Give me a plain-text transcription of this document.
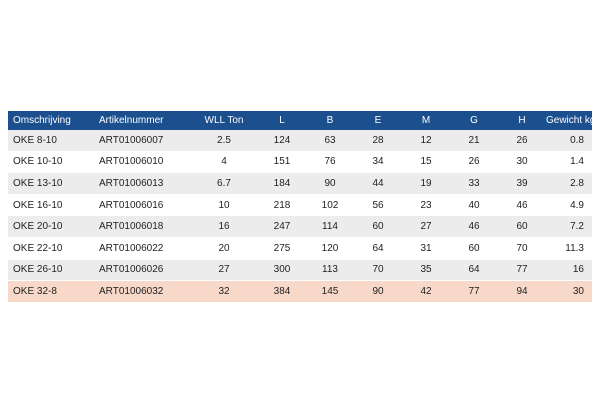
Omschrijving	Artikelnummer	WLL Ton	L	B	E	M	G	H	Gewicht kg
OKE 8-10	ART01006007	2.5	124	63	28	12	21	26	0.8
OKE 10-10	ART01006010	4	151	76	34	15	26	30	1.4
OKE 13-10	ART01006013	6.7	184	90	44	19	33	39	2.8
OKE 16-10	ART01006016	10	218	102	56	23	40	46	4.9
OKE 20-10	ART01006018	16	247	114	60	27	46	60	7.2
OKE 22-10	ART01006022	20	275	120	64	31	60	70	11.3
OKE 26-10	ART01006026	27	300	113	70	35	64	77	16
OKE 32-8	ART01006032	32	384	145	90	42	77	94	30
